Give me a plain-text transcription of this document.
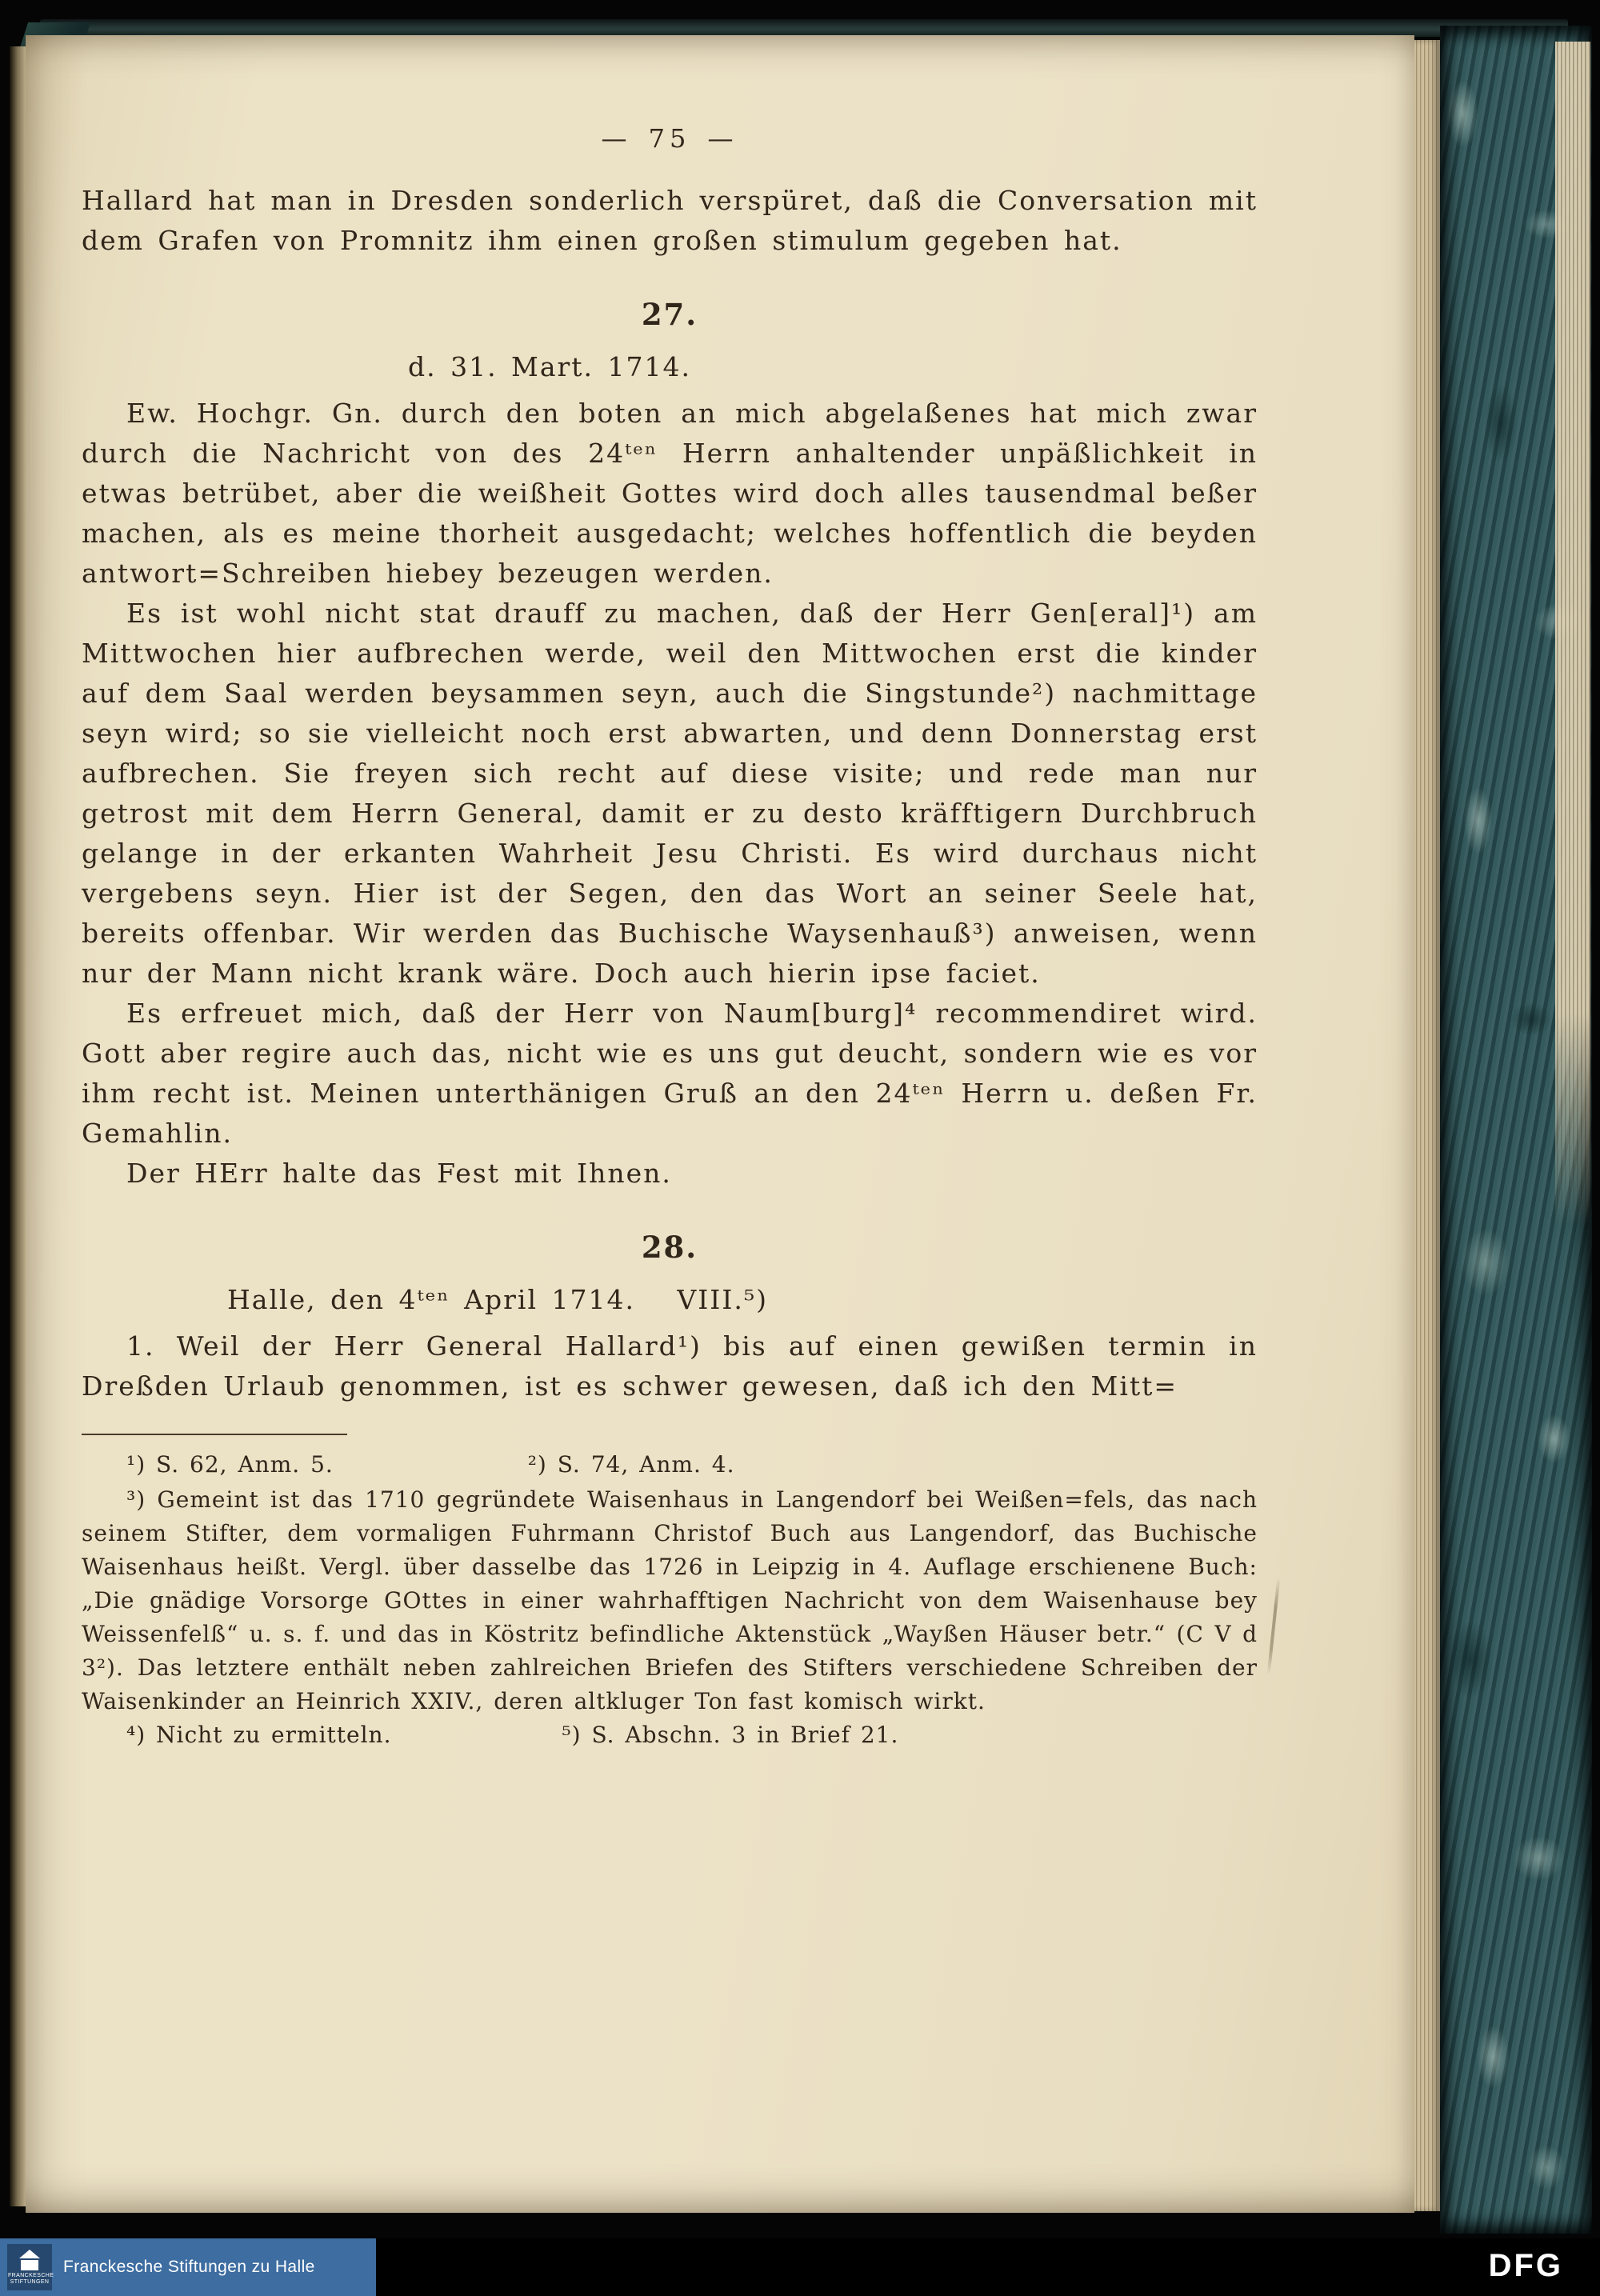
— 75 —

Hallard hat man in Dresden sonderlich verspüret, daß die Conversation mit dem Grafen von Promnitz ihm einen großen stimulum gegeben hat.

27.
d. 31. Mart. 1714.

Ew. Hochgr. Gn. durch den boten an mich abgelaßenes hat mich zwar durch die Nachricht von des 24ᵗᵉⁿ Herrn anhaltender unpäßlichkeit in etwas betrübet, aber die weißheit Gottes wird doch alles tausendmal beßer machen, als es meine thorheit ausgedacht; welches hoffentlich die beyden antwort=Schreiben hiebey bezeugen werden.

Es ist wohl nicht stat drauff zu machen, daß der Herr Gen[eral]¹) am Mittwochen hier aufbrechen werde, weil den Mittwochen erst die kinder auf dem Saal werden beysammen seyn, auch die Singstunde²) nachmittage seyn wird; so sie vielleicht noch erst abwarten, und denn Donnerstag erst aufbrechen. Sie freyen sich recht auf diese visite; und rede man nur getrost mit dem Herrn General, damit er zu desto kräfftigern Durchbruch gelange in der erkanten Wahrheit Jesu Christi. Es wird durchaus nicht vergebens seyn. Hier ist der Segen, den das Wort an seiner Seele hat, bereits offenbar. Wir werden das Buchische Waysenhauß³) anweisen, wenn nur der Mann nicht krank wäre. Doch auch hierin ipse faciet.

Es erfreuet mich, daß der Herr von Naum[burg]⁴ recommendiret wird. Gott aber regire auch das, nicht wie es uns gut deucht, sondern wie es vor ihm recht ist. Meinen unterthänigen Gruß an den 24ᵗᵉⁿ Herrn u. deßen Fr. Gemahlin.

Der HErr halte das Fest mit Ihnen.

28.
Halle, den 4ᵗᵉⁿ April 1714.   VIII.⁵)

1. Weil der Herr General Hallard¹) bis auf einen gewißen termin in Dreßden Urlaub genommen, ist es schwer gewesen, daß ich den Mitt=

¹) S. 62, Anm. 5.	²) S. 74, Anm. 4.

³) Gemeint ist das 1710 gegründete Waisenhaus in Langendorf bei Weißen=fels, das nach seinem Stifter, dem vormaligen Fuhrmann Christof Buch aus Langendorf, das Buchische Waisenhaus heißt. Vergl. über dasselbe das 1726 in Leipzig in 4. Auflage erschienene Buch: „Die gnädige Vorsorge GOttes in einer wahrhafftigen Nachricht von dem Waisenhause bey Weissenfelß“ u. s. f. und das in Köstritz befindliche Aktenstück „Wayßen Häuser betr.“ (C V d 3²). Das letztere enthält neben zahlreichen Briefen des Stifters verschiedene Schreiben der Waisenkinder an Heinrich XXIV., deren altkluger Ton fast komisch wirkt.

⁴) Nicht zu ermitteln.	⁵) S. Abschn. 3 in Brief 21.
FRANCKESCHE STIFTUNGEN
Franckesche Stiftungen zu Halle	DFG
